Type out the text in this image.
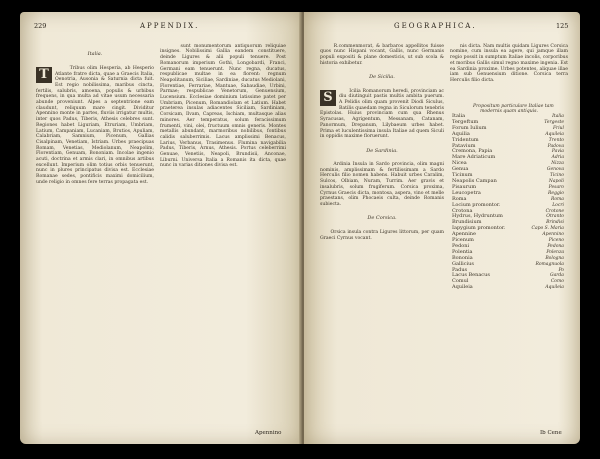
229	APPENDIX.

Italia.

T	Tribus olim Hesperia, ab Hesperio Atlante fratre dicta, quae a Graecis Italia, Oenotria, Ausonia & Saturnia dicta fuit. Est regio nobilissima, maribus cincta, fertilis, salubris, amoena, populis & urbibus frequens, in qua multa ad vitae usum necessaria abunde proveniunt. Alpes a septentrione eam claudunt, reliquum mare cingit. Dividitur Apennino monte in partes, fluviis irrigatur multis, inter quos Padus, Tiberis, Athesis celebres sunt. Regiones habet Liguriam, Etruriam, Umbriam, Latium, Campaniam, Lucaniam, Brutios, Apuliam, Calabriam, Samnium, Picenum, Gallias Cisalpinam, Venetiam, Istriam. Urbes praecipuas Romam, Venetias, Mediolanum, Neapolim, Florentiam, Genuam, Bononiam. Incolae ingenio acuti, doctrina et armis clari, in omnibus artibus excellunt. Imperium olim totius orbis tenuerunt, nunc in plures principatus divisa est. Ecclesiae Romanae sedes, pontificis maximi domicilium, unde religio in omnes fere terras propagata est.

sunt monumentorum antiquorum reliquiae insignes. Nobilissimi Gallia eandem constituere, deinde Ligures & alii populi tenuere. Post Romanorum imperium Gothi, Longobardi, Franci, Germani eam tenuerunt. Nunc regna, ducatus, respublicae multae in ea florent: regnum Neapolitanum, Siciliae, Sardiniae, ducatus Mediolani, Florentiae, Ferrariae, Mantuae, Sabaudiae, Urbini, Parmae; respublicae Venetorum, Genuensium, Lucensium. Ecclesiae dominium latissime patet per Umbriam, Picenum, Romandiolam et Latium. Habet praeterea insulas adiacentes Siciliam, Sardiniam, Corsicam, Ilvam, Capreas, Ischiam, multasque alias minores. Aer temperatus, solum feracissimum frumenti, vini, olei, fructuum omnis generis. Montes metallis abundant, marmoribus nobilibus, fontibus calidis saluberrimis. Lacus amplissimi Benacus, Larius, Verbanus, Trasimenus. Flumina navigabilia Padus, Tiberis, Arnus, Athesis. Portus celeberrimi Genuae, Venetiis, Neapoli, Brundisii, Anconae, Liburni. Universa Italia a Romanis ita dicta, quae nunc in varias ditiones divisa est.

Apennino
GEOGRAPHICA.	125

R.commenmorat, & barbaros appellitos fuisse quos nunc Hispani vocant, Gallis, nunc Germanis populi expositi & plane domesticis, ut sub scola & historia exhibetur.

De Sicilia.

S	Icilia Romanorum heredi, provinciam ac diu diutinguit pastis multis ambita puerum. A Pelidis olim quam provenit Diodi Siculus, Batilis quaedam regna in Siculorum tenebris Epistolas. Huius provinciam cum qua Rhenus Syracusas, Agrigentum, Messanam, Catanam, Panormum, Drepanum, Lilybaeum urbes habet. Prima et luculentissima insula Italiae ad quem Siculi in oppidis maxime floruerunt.

De Sardinia.

Ardinia Insula in Sardo provincia, olim magni nominis, amplissimam & fertilissimam a Sardo Herculis filio nomen habens. Habuit urbes Caralim, Sulcos, Olbiam, Nuram, Turrim. Aer gravis et insalubris, solum frugiferum. Corsica proxima, Cyrnus Graecis dicta, montosa, aspera, vino et melle praestans, olim Phocaeis culta, deinde Romanis subiecta.

De Corsica.

Orsica insula contra Ligures littorum, per quam Graeci Cyrnus vocant.

nis dicta. Nam multis quidam Ligures Corsica nomine, cum insula ea agere, qui jamque illam regio possit in sumptum Italiae incolis, corporibus et moribus Gallis simul regno maxime ingenia. Est ea Sardinia proxime. Urbes potentes, aliquae illae iam sub Genuensium ditione. Corsica terra Herculis filio dicta.

Propositum particulare Italiae tam modernis quam antiquis.

Italia	Italia
Tergeftum	Tergeste
Forum Iulium	Friul
Aquilia	Aquileia
Tridentum	Trento
Patavium	Padova
Cremona, Papia	Pavia
Mare Adriaticum	Adria
Nicea	Nizza
Genua	Genova
Ticinum	Ticino
Neapolis Campan	Napoli
Pisaurum	Pesaro
Leucopetra	Reggio
Roma	Roma
Locium promontor.	Locri
Crotona	Crotone
Hydrus, Hydruntum	Otranto
Brundisium	Brindisi
Iapygium promontor.	Capo S. Maria
Apennine	Apennino
Picenum	Piceno
Pedoni	Pedona
Polentia	Polenza
Bononia	Bologna
Gallicius	Romagnuola
Padus	Po
Lacus Benacus	Garda
Comul	Como
Aquileia	Aquileia
Ib Cene
